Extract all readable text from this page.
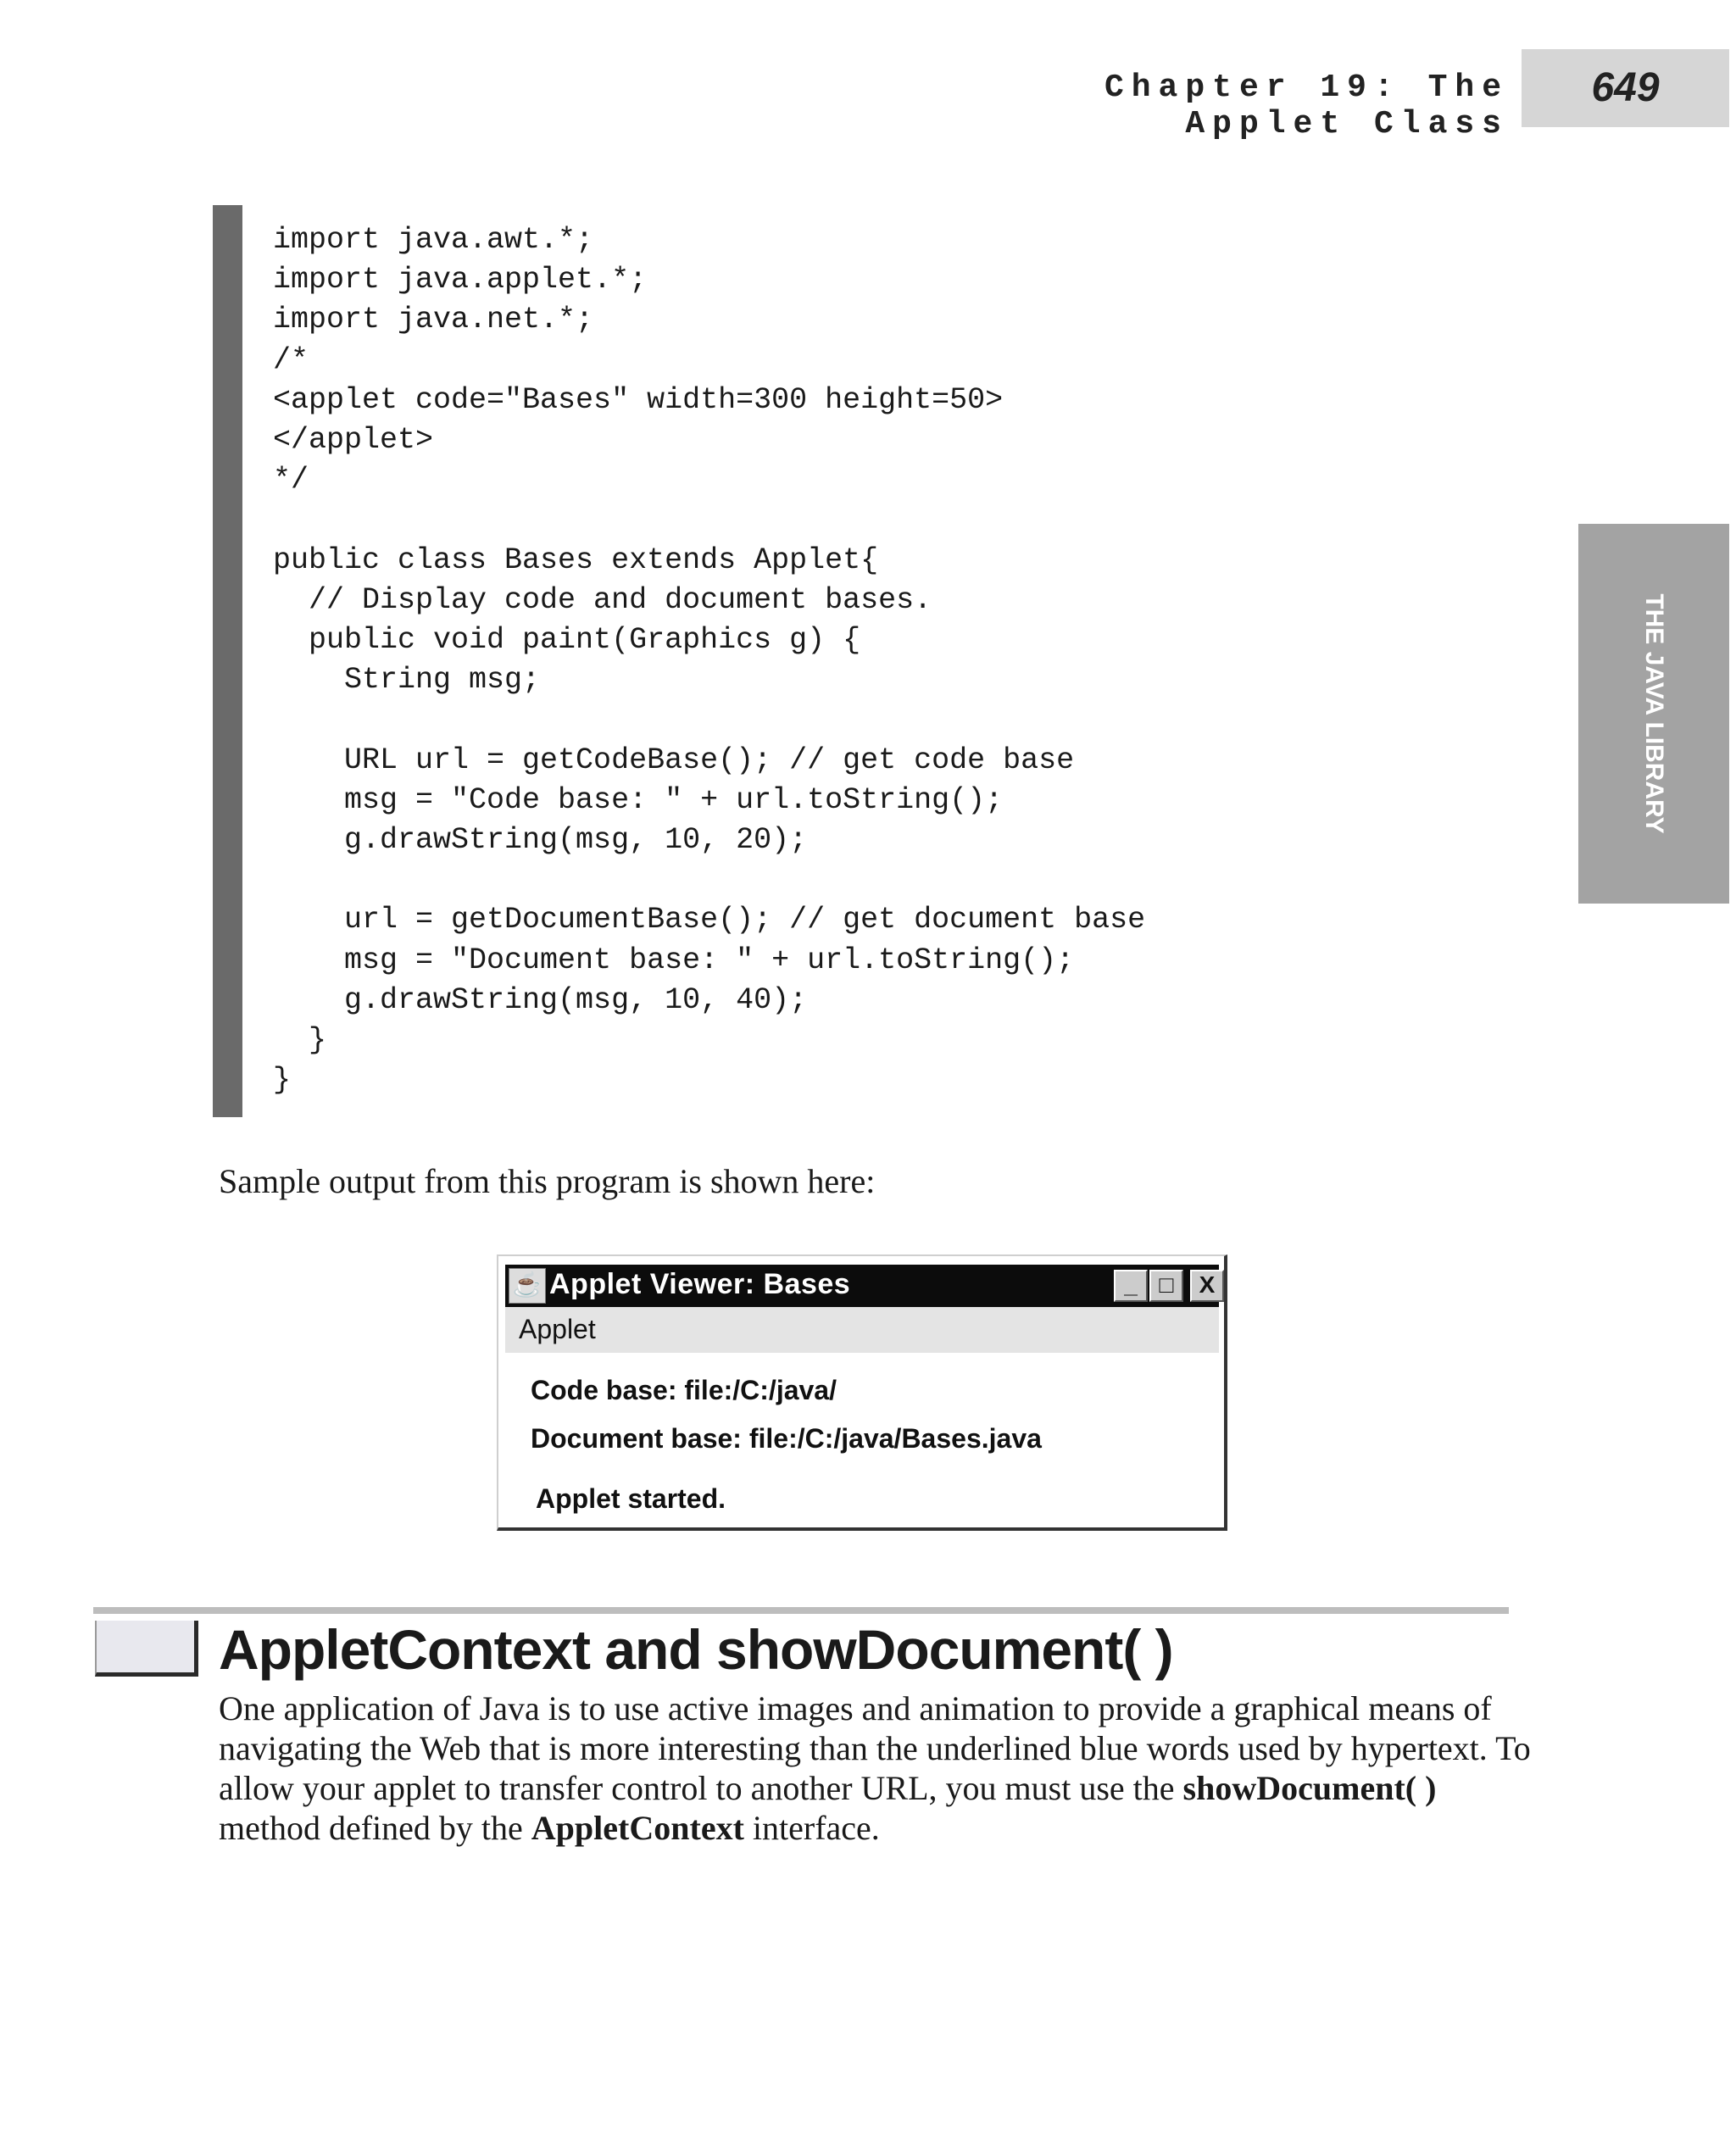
Chapter 19: The Applet Class
649
THE JAVA LIBRARY
import java.awt.*;
import java.applet.*;
import java.net.*;
/*
<applet code="Bases" width=300 height=50>
</applet>
*/

public class Bases extends Applet{
// Display code and document bases.
public void paint(Graphics g) {
String msg;

URL url = getCodeBase(); // get code base
msg = "Code base: " + url.toString();
g.drawString(msg, 10, 20);

url = getDocumentBase(); // get document base
msg = "Document base: " + url.toString();
g.drawString(msg, 10, 40);
}
}
Sample output from this program is shown here:
☕ Applet Viewer: Bases	_ □	X
Applet
Code base: file:/C:/java/
Document base: file:/C:/java/Bases.java
Applet started.
AppletContext and showDocument( )
One application of Java is to use active images and animation to provide a graphical means of navigating the Web that is more interesting than the underlined blue words used by hypertext. To allow your applet to transfer control to another URL, you must use the showDocument( ) method defined by the AppletContext interface.
